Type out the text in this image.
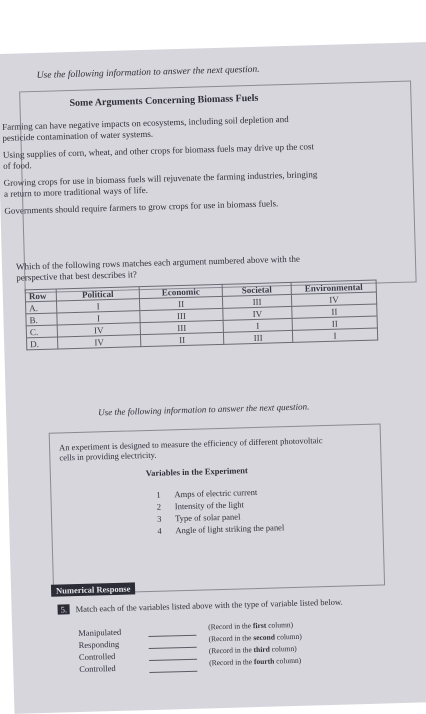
Use the following information to answer the next question.
Some Arguments Concerning Biomass Fuels
Farming can have negative impacts on ecosystems, including soil depletion and
pesticide contamination of water systems.
Using supplies of corn, wheat, and other crops for biomass fuels may drive up the cost
of food.
Growing crops for use in biomass fuels will rejuvenate the farming industries, bringing
a return to more traditional ways of life.
Governments should require farmers to grow crops for use in biomass fuels.
Which of the following rows matches each argument numbered above with the
perspective that best describes it?
Row	Political	Economic	Societal	Environmental
A.	I	II	III	IV
B.	I	III	IV	II
C.	IV	III	I	II
D.	IV	II	III	I
Use the following information to answer the next question.
An experiment is designed to measure the efficiency of different photovoltaic
cells in providing electricity.
Variables in the Experiment
1 Amps of electric current
2 Intensity of the light
3 Type of solar panel
4 Angle of light striking the panel
Numerical Response
5. Match each of the variables listed above with the type of variable listed below.
Manipulated
(Record in the first column)
Responding
(Record in the second column)
Controlled
(Record in the third column)
Controlled
(Record in the fourth column)
